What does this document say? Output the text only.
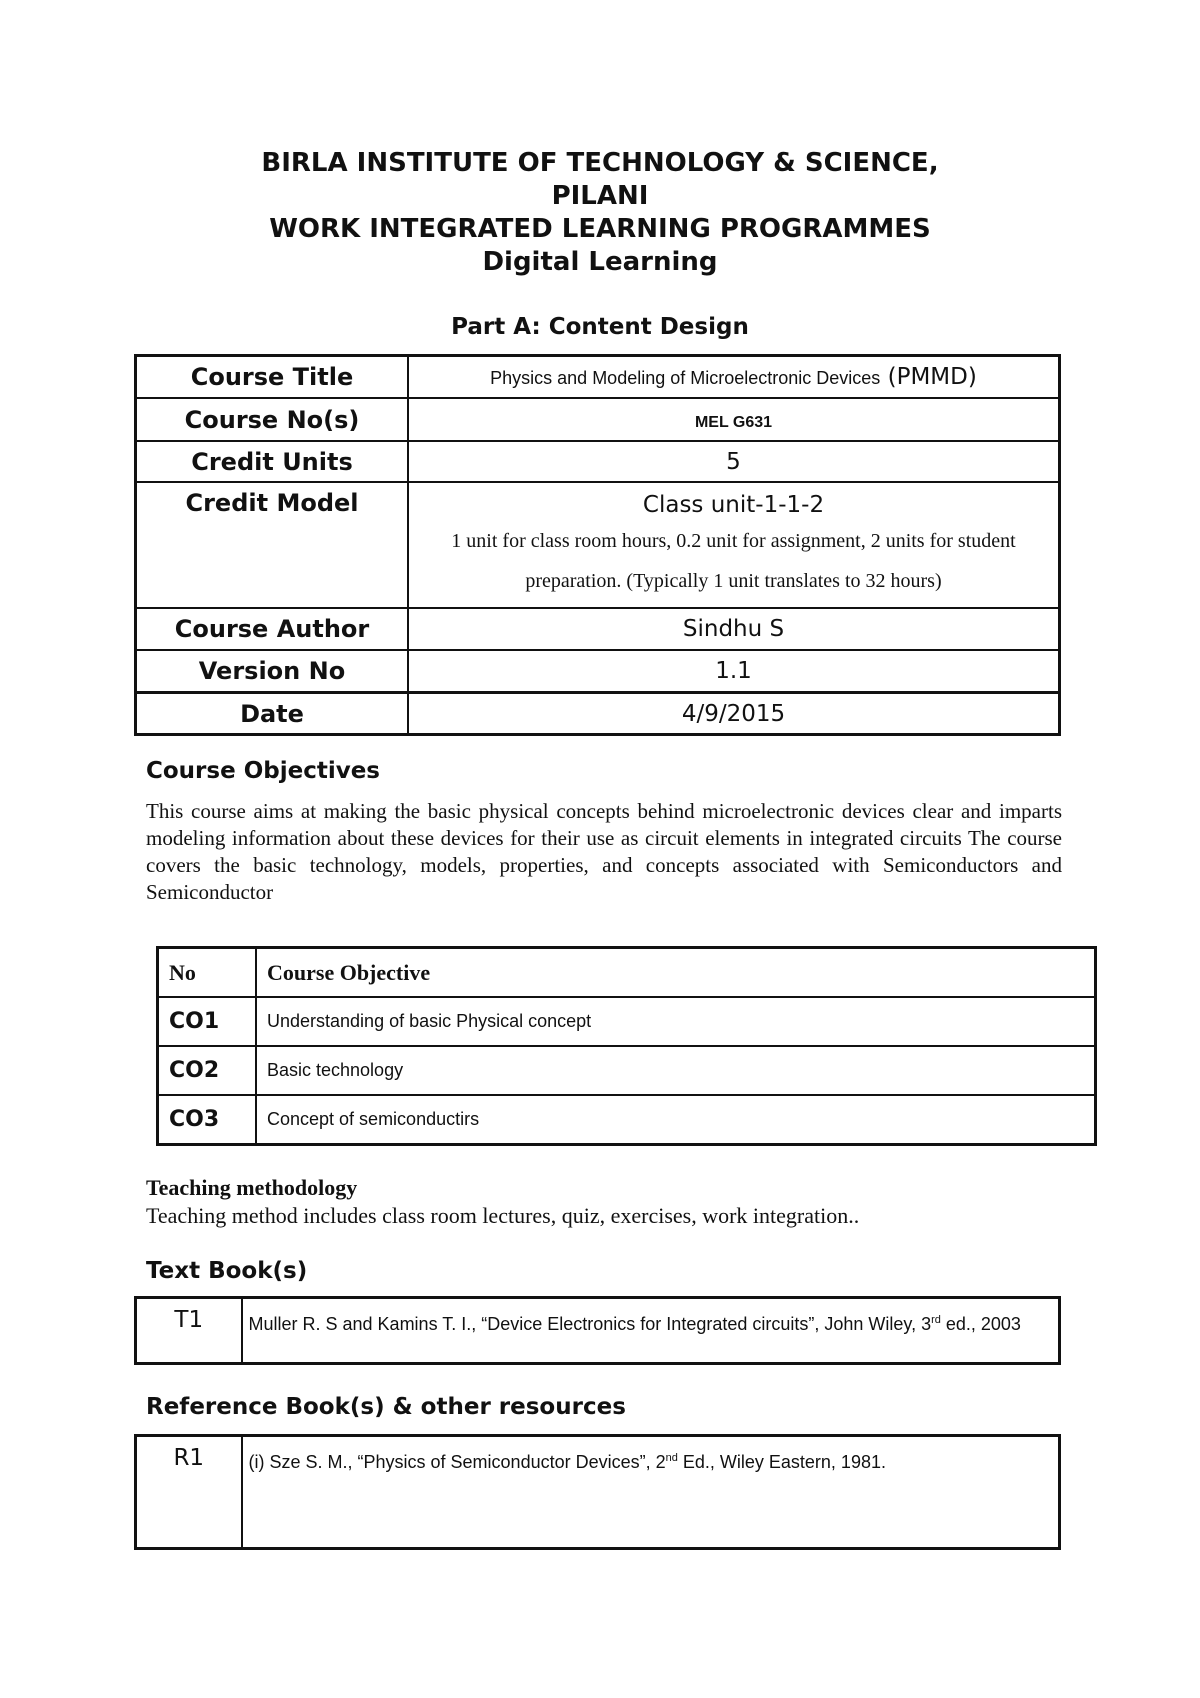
BIRLA INSTITUTE OF TECHNOLOGY & SCIENCE,
PILANI
WORK INTEGRATED LEARNING PROGRAMMES
Digital Learning
Part A: Content Design
Course Title	Physics and Modeling of Microelectronic Devices (PMMD)
Course No(s)	MEL G631
Credit Units	5
Credit Model	Class unit-1-1-2
1 unit for class room hours, 0.2 unit for assignment, 2 units for student preparation. (Typically 1 unit translates to 32 hours)

Course Author	Sindhu S
Version No	1.1
Date	4/9/2015
Course Objectives
This course aims at making the basic physical concepts behind microelectronic devices clear and imparts modeling information about these devices for their use as circuit elements in integrated circuits The course covers the basic technology, models, properties, and concepts associated with Semiconductors and Semiconductor
No	Course Objective
CO1	Understanding of basic Physical concept
CO2	Basic technology
CO3	Concept of semiconductirs
Teaching methodology
Teaching method includes class room lectures, quiz, exercises, work integration..
Text Book(s)
T1	Muller R. S and Kamins T. I., “Device Electronics for Integrated circuits”, John Wiley, 3rd ed., 2003
Reference Book(s) & other resources
R1	(i) Sze S. M., “Physics of Semiconductor Devices”, 2nd Ed., Wiley Eastern, 1981.
